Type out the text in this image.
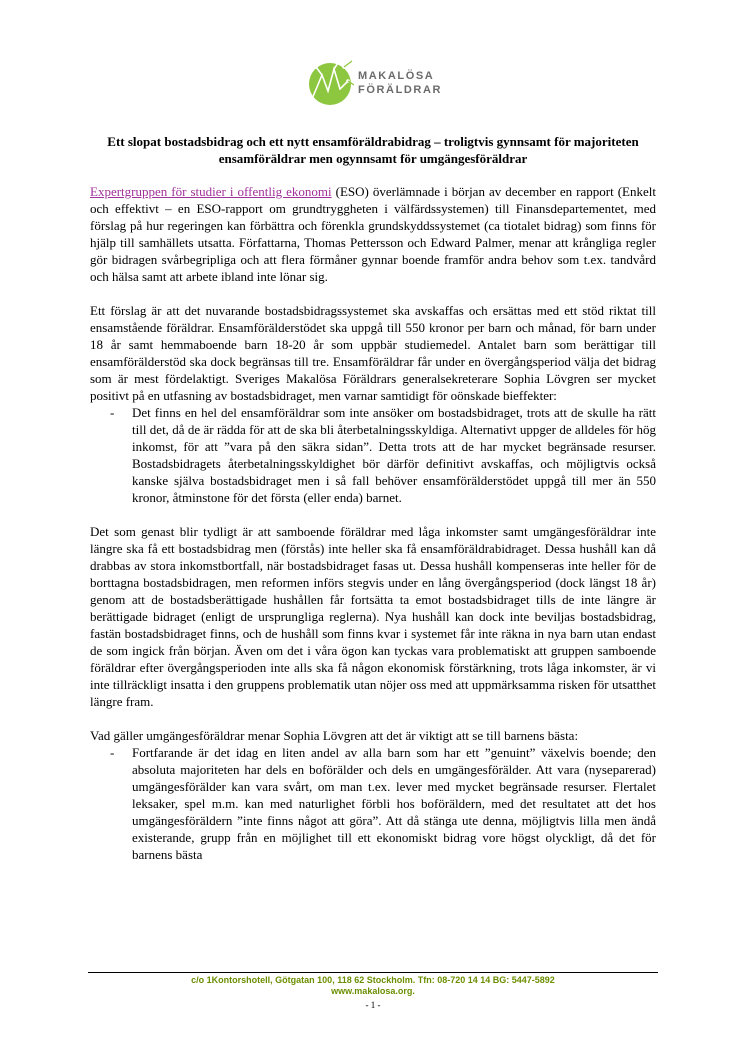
MAKALÖSA
FÖRÄLDRAR
Ett slopat bostadsbidrag och ett nytt ensamföräldrabidrag – troligtvis gynnsamt för majoriteten ensamföräldrar men ogynnsamt för umgängesföräldrar

Expertgruppen för studier i offentlig ekonomi (ESO) överlämnade i början av december en rapport (Enkelt och effektivt – en ESO-rapport om grundtryggheten i välfärdssystemen) till Finansdepartementet, med förslag på hur regeringen kan förbättra och förenkla grundskyddssystemet (ca tiotalet bidrag) som finns för hjälp till samhällets utsatta. Författarna, Thomas Pettersson och Edward Palmer, menar att krångliga regler gör bidragen svårbegripliga och att flera förmåner gynnar boende framför andra behov som t.ex. tandvård och hälsa samt att arbete ibland inte lönar sig.

Ett förslag är att det nuvarande bostadsbidragssystemet ska avskaffas och ersättas med ett stöd riktat till ensamstående föräldrar. Ensamförälderstödet ska uppgå till 550 kronor per barn och månad, för barn under 18 år samt hemmaboende barn 18-20 år som uppbär studiemedel. Antalet barn som berättigar till ensamförälderstöd ska dock begränsas till tre. Ensamföräldrar får under en övergångsperiod välja det bidrag som är mest fördelaktigt. Sveriges Makalösa Föräldrars generalsekreterare Sophia Lövgren ser mycket positivt på en utfasning av bostadsbidraget, men varnar samtidigt för oönskade bieffekter:

-	Det finns en hel del ensamföräldrar som inte ansöker om bostadsbidraget, trots att de skulle ha rätt till det, då de är rädda för att de ska bli återbetalningsskyldiga. Alternativt uppger de alldeles för hög inkomst, för att ”vara på den säkra sidan”. Detta trots att de har mycket begränsade resurser. Bostadsbidragets återbetalningsskyldighet bör därför definitivt avskaffas, och möjligtvis också kanske själva bostadsbidraget men i så fall behöver ensamförälderstödet uppgå till mer än 550 kronor, åtminstone för det första (eller enda) barnet.

Det som genast blir tydligt är att samboende föräldrar med låga inkomster samt umgängesföräldrar inte längre ska få ett bostadsbidrag men (förstås) inte heller ska få ensamföräldrabidraget. Dessa hushåll kan då drabbas av stora inkomstbortfall, när bostadsbidraget fasas ut. Dessa hushåll kompenseras inte heller för de borttagna bostadsbidragen, men reformen införs stegvis under en lång övergångsperiod (dock längst 18 år) genom att de bostadsberättigade hushållen får fortsätta ta emot bostadsbidraget tills de inte längre är berättigade bidraget (enligt de ursprungliga reglerna). Nya hushåll kan dock inte beviljas bostadsbidrag, fastän bostadsbidraget finns, och de hushåll som finns kvar i systemet får inte räkna in nya barn utan endast de som ingick från början. Även om det i våra ögon kan tyckas vara problematiskt att gruppen samboende föräldrar efter övergångsperioden inte alls ska få någon ekonomisk förstärkning, trots låga inkomster, är vi inte tillräckligt insatta i den gruppens problematik utan nöjer oss med att uppmärksamma risken för utsatthet längre fram.

Vad gäller umgängesföräldrar menar Sophia Lövgren att det är viktigt att se till barnens bästa:

-	Fortfarande är det idag en liten andel av alla barn som har ett ”genuint” växelvis boende; den absoluta majoriteten har dels en boförälder och dels en umgängesförälder. Att vara (nyseparerad) umgängesförälder kan vara svårt, om man t.ex. lever med mycket begränsade resurser. Flertalet leksaker, spel m.m. kan med naturlighet förbli hos boföräldern, med det resultatet att det hos umgängesföräldern ”inte finns något att göra”. Att då stänga ute denna, möjligtvis lilla men ändå existerande, grupp från en möjlighet till ett ekonomiskt bidrag vore högst olyckligt, då det för barnens bästa
c/o 1Kontorshotell, Götgatan 100, 118 62 Stockholm. Tfn: 08-720 14 14 BG: 5447-5892
www.makalosa.org.
- 1 -
